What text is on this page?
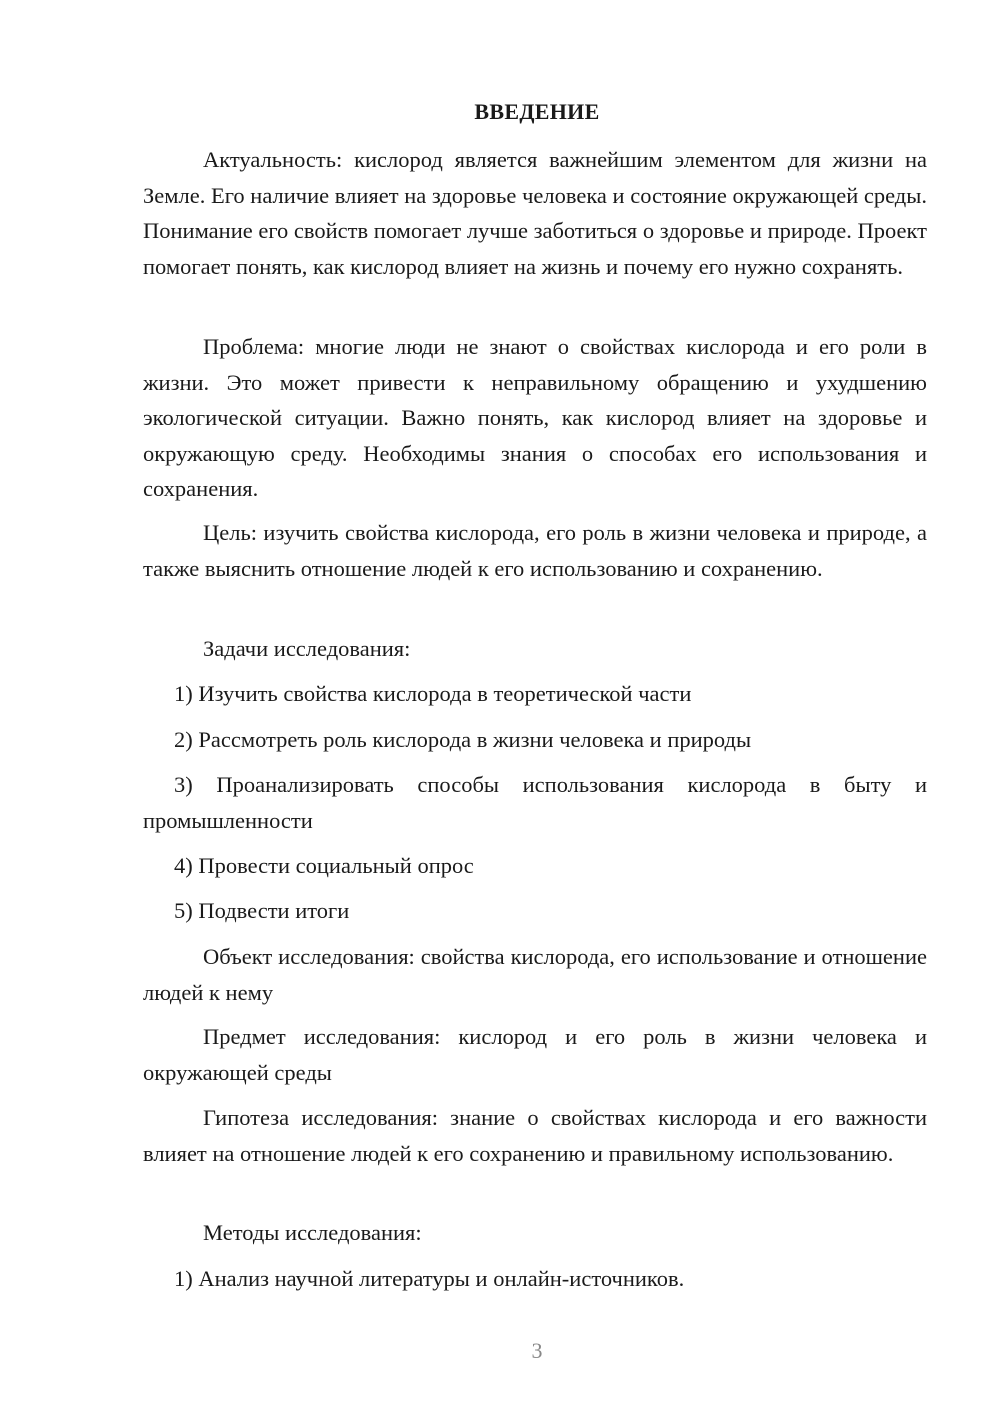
ВВЕДЕНИЕ

Актуальность: кислород является важнейшим элементом для жизни на Земле. Его наличие влияет на здоровье человека и состояние окружающей среды. Понимание его свойств помогает лучше заботиться о здоровье и природе. Проект помогает понять, как кислород влияет на жизнь и почему его нужно сохранять.

Проблема: многие люди не знают о свойствах кислорода и его роли в жизни. Это может привести к неправильному обращению и ухудшению экологической ситуации. Важно понять, как кислород влияет на здоровье и окружающую среду. Необходимы знания о способах его использования и сохранения.

Цель: изучить свойства кислорода, его роль в жизни человека и природе, а также выяснить отношение людей к его использованию и сохранению.

Задачи исследования:

1) Изучить свойства кислорода в теоретической части

2) Рассмотреть роль кислорода в жизни человека и природы

3) Проанализировать способы использования кислорода в быту и промышленности

4) Провести социальный опрос

5) Подвести итоги

Объект исследования: свойства кислорода, его использование и отношение людей к нему

Предмет исследования: кислород и его роль в жизни человека и окружающей среды

Гипотеза исследования: знание о свойствах кислорода и его важности влияет на отношение людей к его сохранению и правильному использованию.

Методы исследования:

1) Анализ научной литературы и онлайн-источников.

3
